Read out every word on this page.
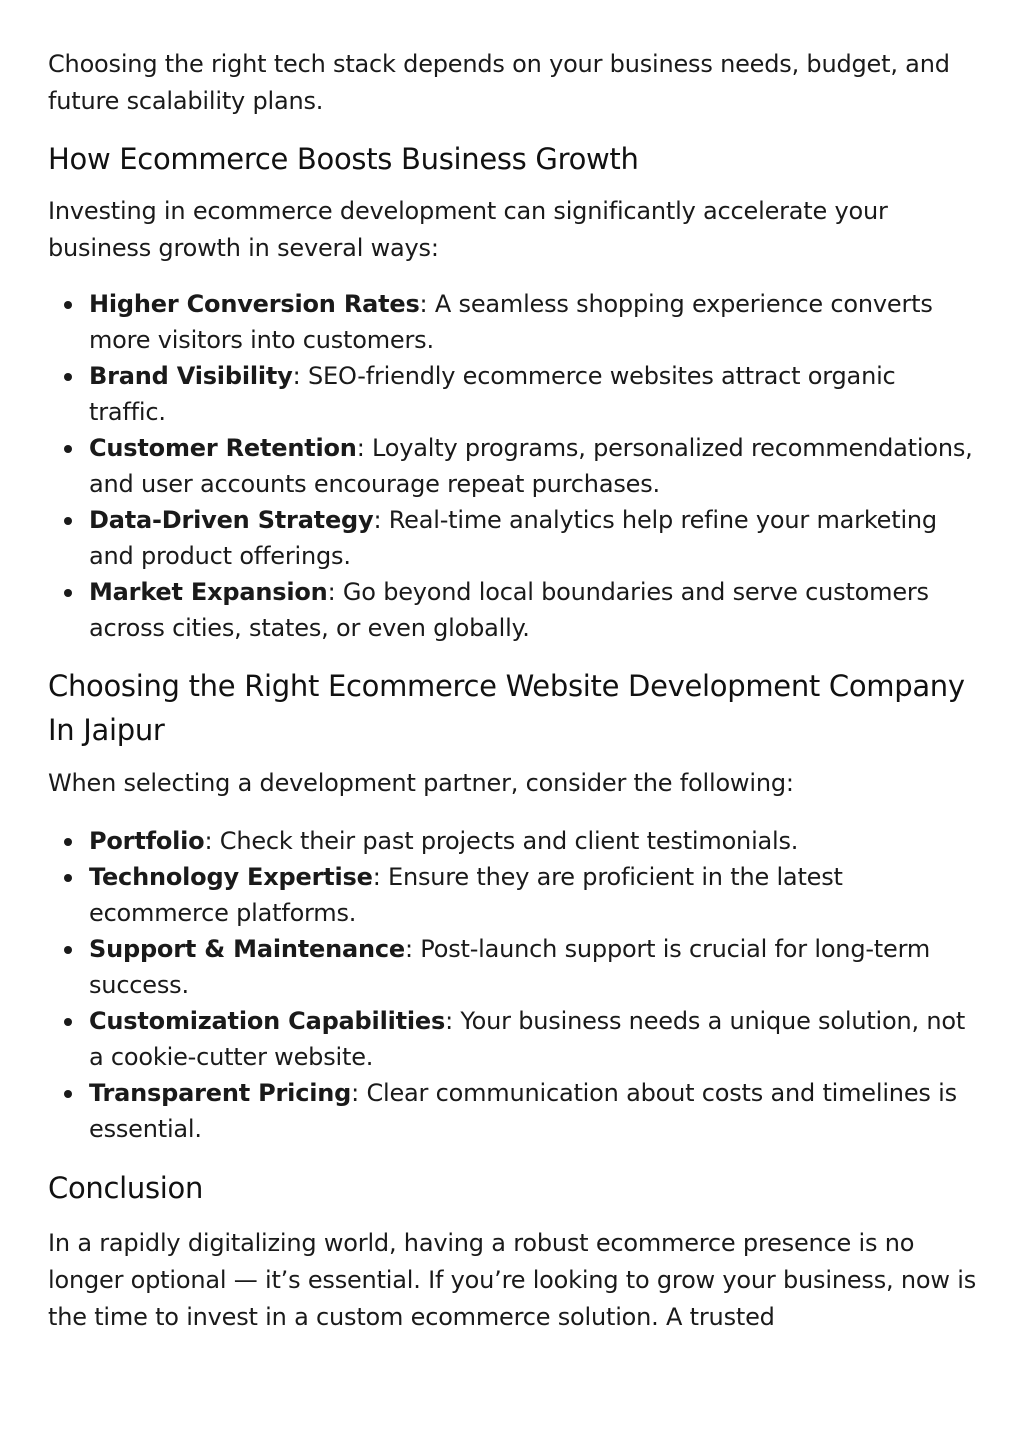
Choosing the right tech stack depends on your business needs, budget, and future scalability plans.

How Ecommerce Boosts Business Growth

Investing in ecommerce development can significantly accelerate your business growth in several ways:

Higher Conversion Rates: A seamless shopping experience converts more visitors into customers.
Brand Visibility: SEO-friendly ecommerce websites attract organic traffic.
Customer Retention: Loyalty programs, personalized recommendations, and user accounts encourage repeat purchases.
Data-Driven Strategy: Real-time analytics help refine your marketing and product offerings.
Market Expansion: Go beyond local boundaries and serve customers across cities, states, or even globally.
Choosing the Right Ecommerce Website Development Company In Jaipur

When selecting a development partner, consider the following:

Portfolio: Check their past projects and client testimonials.
Technology Expertise: Ensure they are proficient in the latest ecommerce platforms.
Support & Maintenance: Post-launch support is crucial for long-term success.
Customization Capabilities: Your business needs a unique solution, not a cookie-cutter website.
Transparent Pricing: Clear communication about costs and timelines is essential.
Conclusion

In a rapidly digitalizing world, having a robust ecommerce presence is no longer optional — it’s essential. If you’re looking to grow your business, now is the time to invest in a custom ecommerce solution. A trusted
